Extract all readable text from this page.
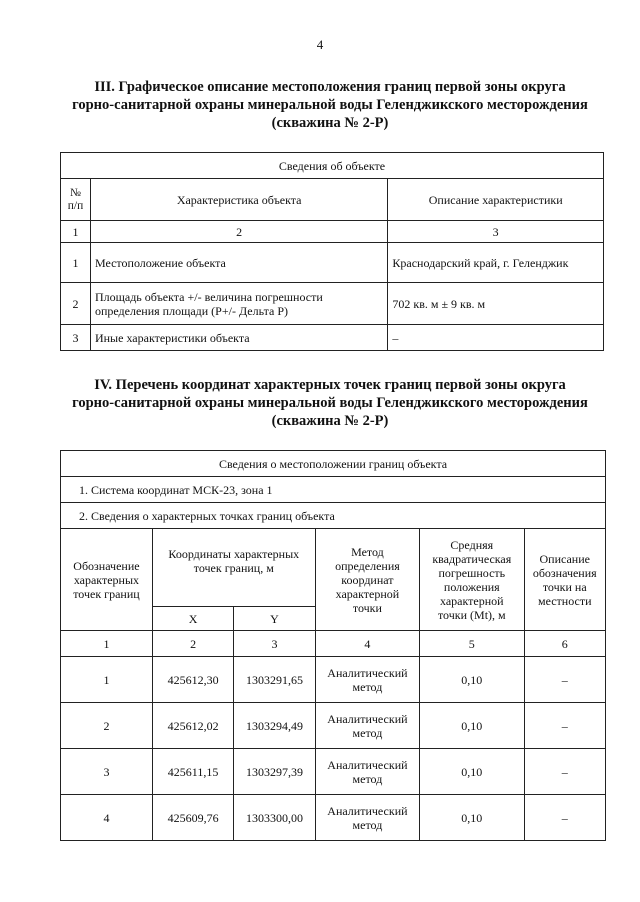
4
III. Графическое описание местоположения границ первой зоны округа
горно-санитарной охраны минеральной воды Геленджикского месторождения
(скважина № 2-Р)
Сведения об объекте		
№ п/п	Характеристика объекта	Описание характеристики
1	2	3
1	Местоположение объекта	Краснодарский край, г. Геленджик
2	Площадь объекта +/- величина погрешности определения площади (Р+/- Дельта Р)	702 кв. м ± 9 кв. м
3	Иные характеристики объекта	–
IV. Перечень координат характерных точек границ первой зоны округа
горно-санитарной охраны минеральной воды Геленджикского месторождения
(скважина № 2-Р)
Сведения о местоположении границ объекта					
1. Система координат МСК-23, зона 1					
2. Сведения о характерных точках границ объекта					
Обозначение характерных точек границ	Координаты характерных точек границ, м		Метод определения координат характерной точки	Средняя квадратическая погрешность положения характерной точки (Mt), м	Описание обозначения точки на местности
	X	Y			
1	2	3	4	5	6
1	425612,30	1303291,65	Аналитический метод	0,10	–
2	425612,02	1303294,49	Аналитический метод	0,10	–
3	425611,15	1303297,39	Аналитический метод	0,10	–
4	425609,76	1303300,00	Аналитический метод	0,10	–
